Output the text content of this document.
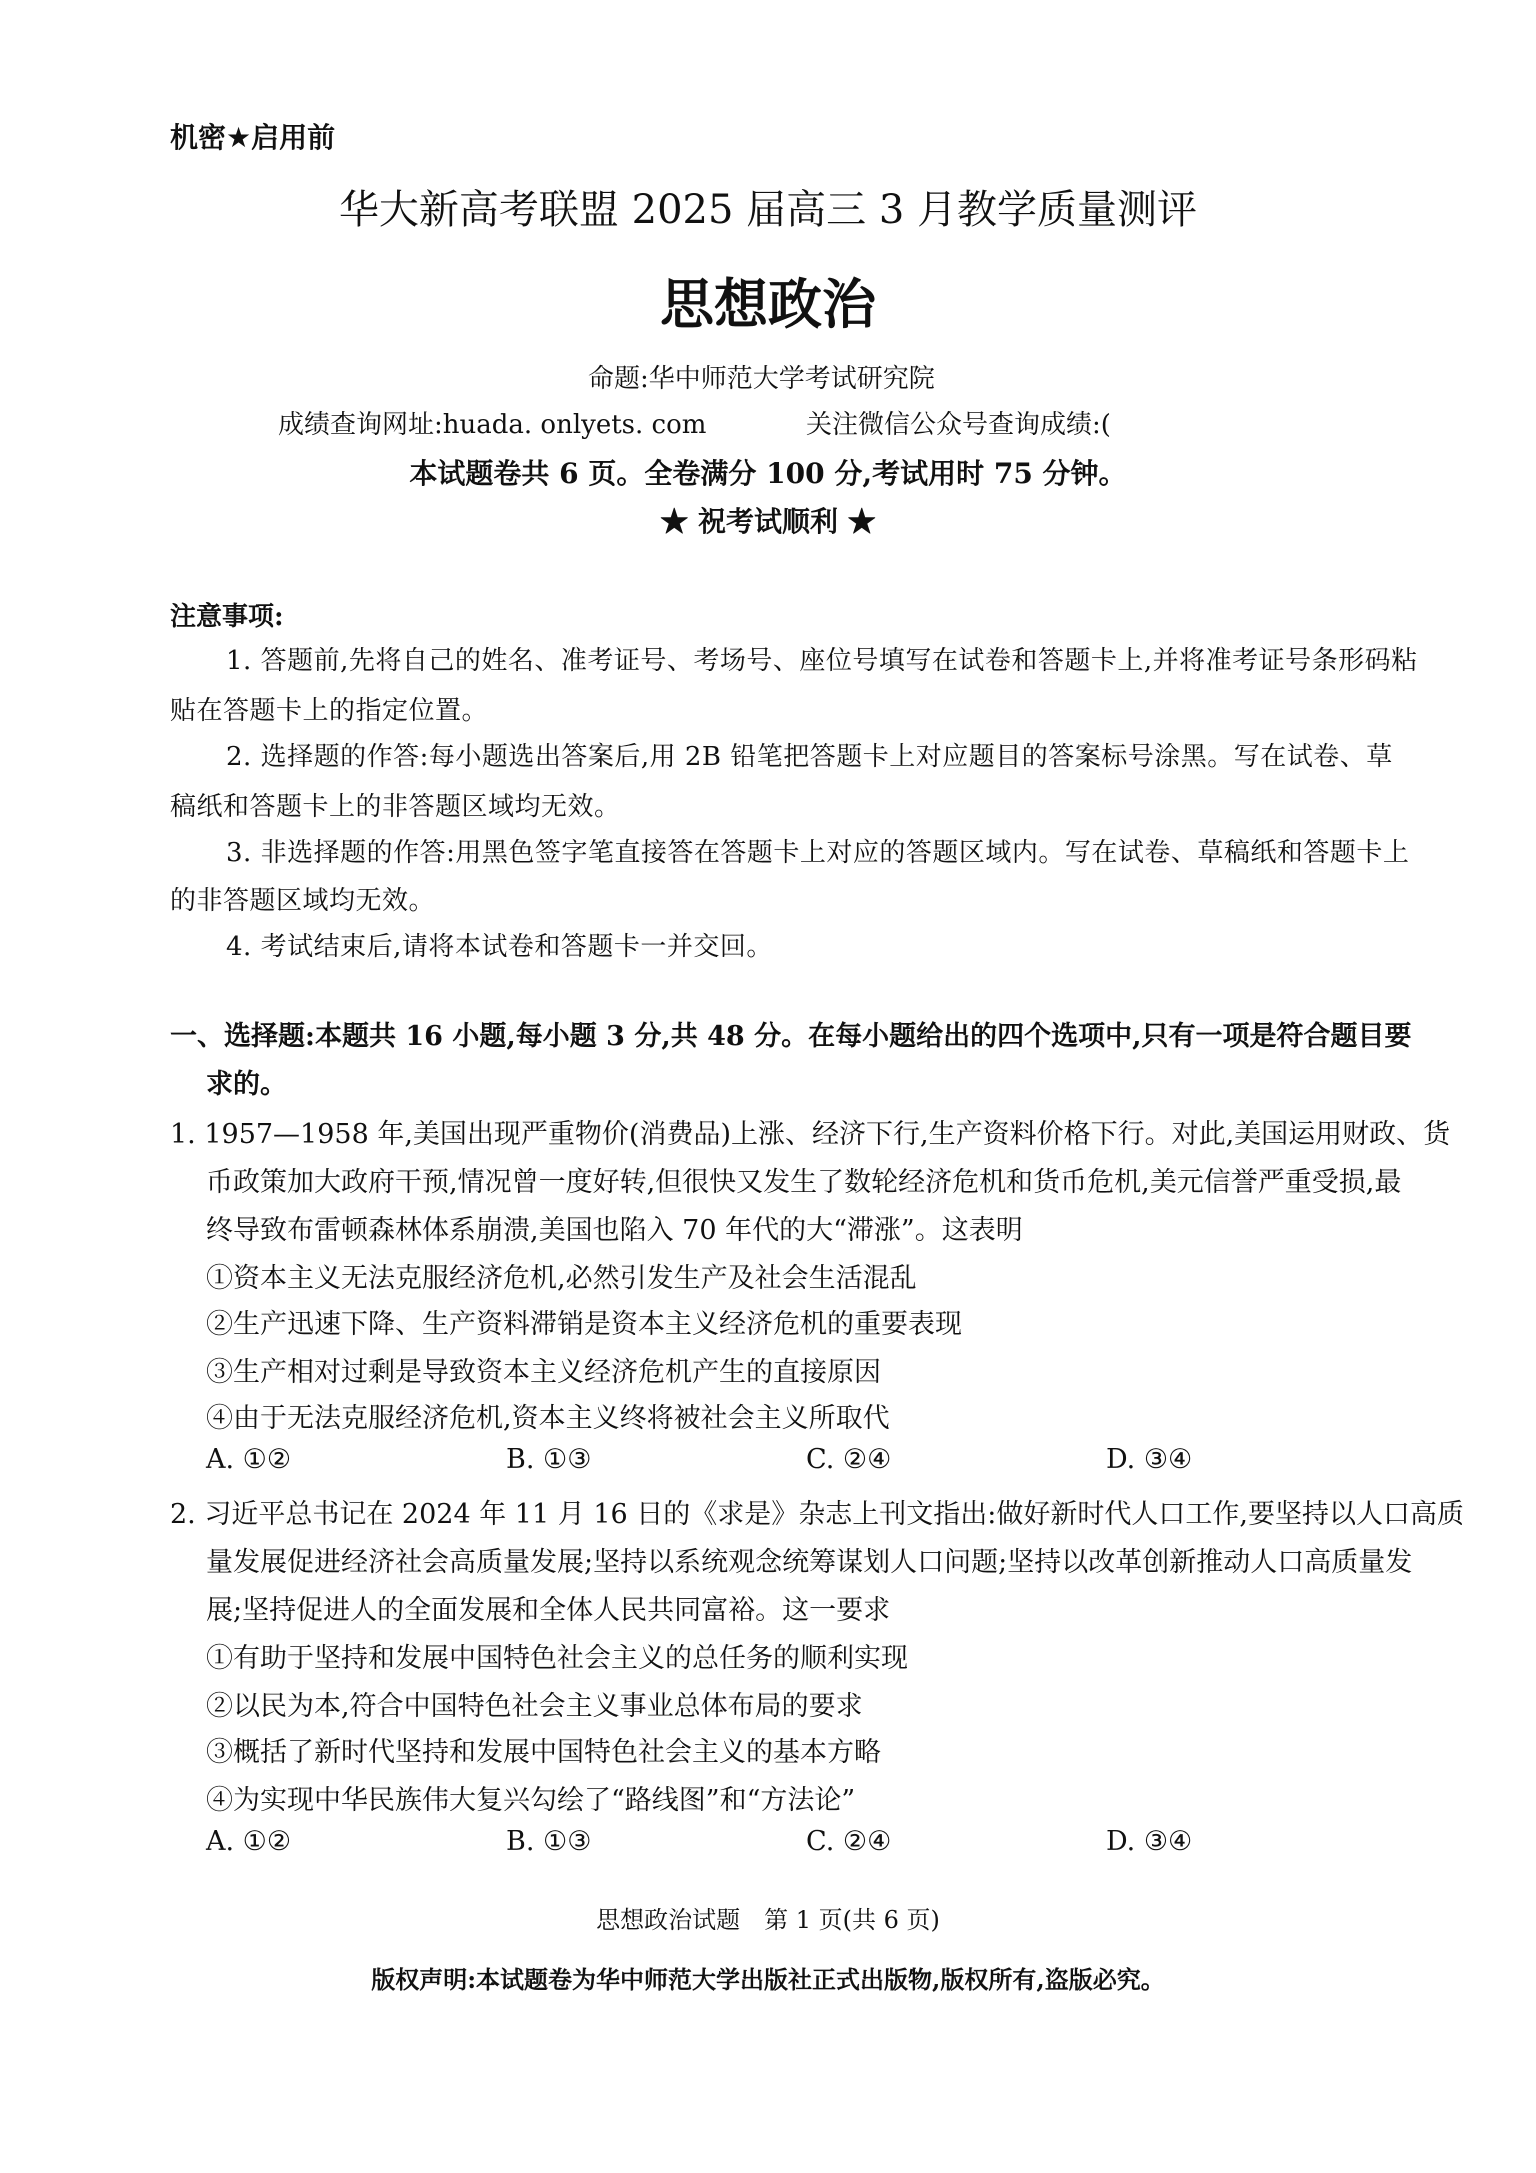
机密★启用前
华大新高考联盟 2025 届高三 3 月教学质量测评
思想政治
命题:华中师范大学考试研究院
成绩查询网址:huada. onlyets. com	关注微信公众号查询成绩:(
本试题卷共 6 页。全卷满分 100 分,考试用时 75 分钟。
★ 祝考试顺利 ★
注意事项:
1. 答题前,先将自己的姓名、准考证号、考场号、座位号填写在试卷和答题卡上,并将准考证号条形码粘
贴在答题卡上的指定位置。
2. 选择题的作答:每小题选出答案后,用 2B 铅笔把答题卡上对应题目的答案标号涂黑。写在试卷、草
稿纸和答题卡上的非答题区域均无效。
3. 非选择题的作答:用黑色签字笔直接答在答题卡上对应的答题区域内。写在试卷、草稿纸和答题卡上
的非答题区域均无效。
4. 考试结束后,请将本试卷和答题卡一并交回。
一、选择题:本题共 16 小题,每小题 3 分,共 48 分。在每小题给出的四个选项中,只有一项是符合题目要
求的。
1. 1957—1958 年,美国出现严重物价(消费品)上涨、经济下行,生产资料价格下行。对此,美国运用财政、货
币政策加大政府干预,情况曾一度好转,但很快又发生了数轮经济危机和货币危机,美元信誉严重受损,最
终导致布雷顿森林体系崩溃,美国也陷入 70 年代的大“滞涨”。这表明
①资本主义无法克服经济危机,必然引发生产及社会生活混乱
②生产迅速下降、生产资料滞销是资本主义经济危机的重要表现
③生产相对过剩是导致资本主义经济危机产生的直接原因
④由于无法克服经济危机,资本主义终将被社会主义所取代
A. ①②	B. ①③	C. ②④	D. ③④
2. 习近平总书记在 2024 年 11 月 16 日的《求是》杂志上刊文指出:做好新时代人口工作,要坚持以人口高质
量发展促进经济社会高质量发展;坚持以系统观念统筹谋划人口问题;坚持以改革创新推动人口高质量发
展;坚持促进人的全面发展和全体人民共同富裕。这一要求
①有助于坚持和发展中国特色社会主义的总任务的顺利实现
②以民为本,符合中国特色社会主义事业总体布局的要求
③概括了新时代坚持和发展中国特色社会主义的基本方略
④为实现中华民族伟大复兴勾绘了“路线图”和“方法论”
A. ①②	B. ①③	C. ②④	D. ③④
思想政治试题　第 1 页(共 6 页)
版权声明:本试题卷为华中师范大学出版社正式出版物,版权所有,盗版必究。
